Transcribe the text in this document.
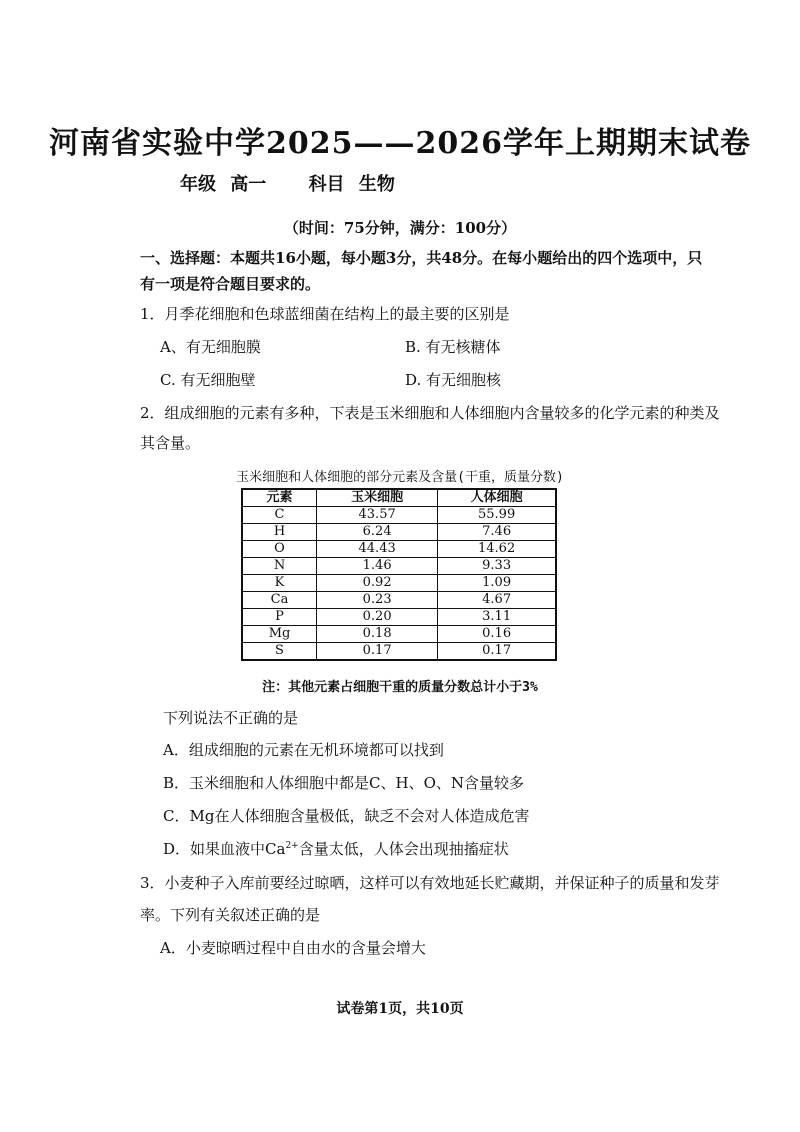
河南省实验中学2025——2026学年上期期末试卷
年级 高一 科目 生物
（时间：75分钟，满分：100分）
一、选择题：本题共16小题，每小题3分，共48分。在每小题给出的四个选项中，只
有一项是符合题目要求的。
1．月季花细胞和色球蓝细菌在结构上的最主要的区别是
A、有无细胞膜	B. 有无核糖体
C. 有无细胞壁	D. 有无细胞核
2．组成细胞的元素有多种，下表是玉米细胞和人体细胞内含量较多的化学元素的种类及
其含量。
玉米细胞和人体细胞的部分元素及含量(干重，质量分数)
元素	玉米细胞	人体细胞
C	43.57	55.99
H	6.24	7.46
O	44.43	14.62
N	1.46	9.33
K	0.92	1.09
Ca	0.23	4.67
P	0.20	3.11
Mg	0.18	0.16
S	0.17	0.17
注：其他元素占细胞干重的质量分数总计小于3%
下列说法不正确的是
A．组成细胞的元素在无机环境都可以找到
B．玉米细胞和人体细胞中都是C、H、O、N含量较多
C．Mg在人体细胞含量极低，缺乏不会对人体造成危害
D．如果血液中$Ca^{2+}$含量太低，人体会出现抽搐症状
3．小麦种子入库前要经过晾晒，这样可以有效地延长贮藏期，并保证种子的质量和发芽
率。下列有关叙述正确的是
A．小麦晾晒过程中自由水的含量会增大
试卷第1页，共10页
